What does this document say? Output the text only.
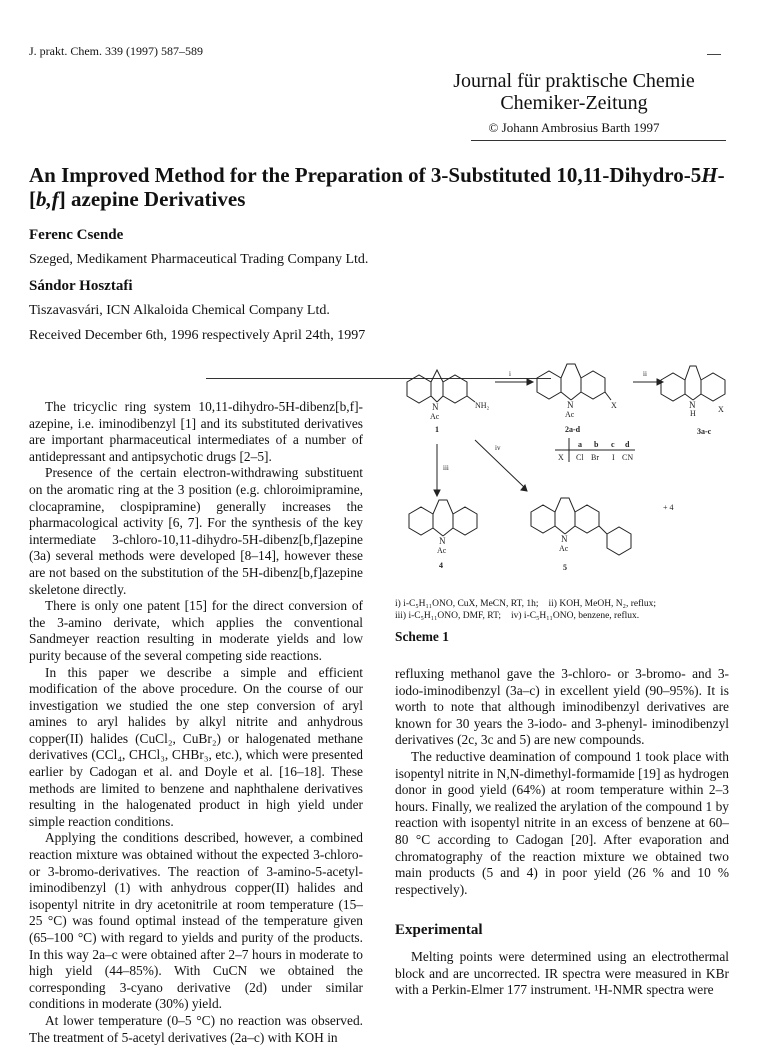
J. prakt. Chem. 339 (1997) 587–589
Journal für praktische Chemie
Chemiker-Zeitung
© Johann Ambrosius Barth 1997
An Improved Method for the Preparation of 3-Substituted 10,11-Dihydro-5H-[b,f] azepine Derivatives
Ferenc Csende
Szeged, Medikament Pharmaceutical Trading Company Ltd.
Sándor Hosztafi
Tiszavasvári, ICN Alkaloida Chemical Company Ltd.
Received December 6th, 1996 respectively April 24th, 1997

The tricyclic ring system 10,11-dihydro-5H-dibenz[b,f]-azepine, i.e. iminodibenzyl [1] and its substituted derivatives are important pharmaceutical intermediates of a number of antidepressant and antipsychotic drugs [2–5].

Presence of the certain electron-withdrawing substituent on the aromatic ring at the 3 position (e.g. chloroimipramine, clocapramine, clospipramine) generally increases the pharmacological activity [6, 7]. For the synthesis of the key intermediate 3-chloro-10,11-dihydro-5H-dibenz[b,f]azepine (3a) several methods were developed [8–14], however these are not based on the substitution of the 5H-dibenz[b,f]azepine skeletone directly.

There is only one patent [15] for the direct conversion of the 3-amino derivate, which applies the conventional Sandmeyer reaction resulting in moderate yields and low purity because of the several competing side reactions.

In this paper we describe a simple and efficient modification of the above procedure. On the course of our investigation we studied the one step conversion of aryl amines to aryl halides by alkyl nitrite and anhydrous copper(II) halides (CuCl₂, CuBr₂) or halogenated methane derivatives (CCl₄, CHCl₃, CHBr₃, etc.), which were presented earlier by Cadogan et al. and Doyle et al. [16–18]. These methods are limited to benzene and naphthalene derivatives resulting in the halogenated product in high yield under simple reaction conditions.

Applying the conditions described, however, a combined reaction mixture was obtained without the expected 3-chloro- or 3-bromo-derivatives. The reaction of 3-amino-5-acetyl-iminodibenzyl (1) with anhydrous copper(II) halides and isopentyl nitrite in dry acetonitrile at room temperature (15–25 °C) was found optimal instead of the temperature given (65–100 °C) with regard to yields and purity of the products. In this way 2a–c were obtained after 2–7 hours in moderate to high yield (44–85%). With CuCN we obtained the corresponding 3-cyano derivative (2d) under similar conditions in moderate (30%) yield.

At lower temperature (0–5 °C) no reaction was observed. The treatment of 5-acetyl derivatives (2a–c) with KOH in

N
Ac
NH₂
1
i
N
Ac
X
2a-d
ii
N
H	X
3a-c
a b c d
X Cl Br I CN
iii
iv
N
Ac
4
N
Ac
5
+ 4
i) i-C₅H₁₁ONO, CuX, MeCN, RT, 1h; ii) KOH, MeOH, N₂, reflux;
iii) i-C₅H₁₁ONO, DMF, RT; iv) i-C₅H₁₁ONO, benzene, reflux.
Scheme 1

refluxing methanol gave the 3-chloro- or 3-bromo- and 3-iodo-iminodibenzyl (3a–c) in excellent yield (90–95%). It is worth to note that although iminodibenzyl derivatives are known for 30 years the 3-iodo- and 3-phenyl- iminodibenzyl derivatives (2c, 3c and 5) are new compounds.

The reductive deamination of compound 1 took place with isopentyl nitrite in N,N-dimethyl-formamide [19] as hydrogen donor in good yield (64%) at room temperature within 2–3 hours. Finally, we realized the arylation of the compound 1 by reaction with isopentyl nitrite in an excess of benzene at 60–80 °C according to Cadogan [20]. After evaporation and chromatography of the reaction mixture we obtained two main products (5 and 4) in poor yield (26 % and 10 % respectively).

Experimental

Melting points were determined using an electrothermal block and are uncorrected. IR spectra were measured in KBr with a Perkin-Elmer 177 instrument. ¹H-NMR spectra were
